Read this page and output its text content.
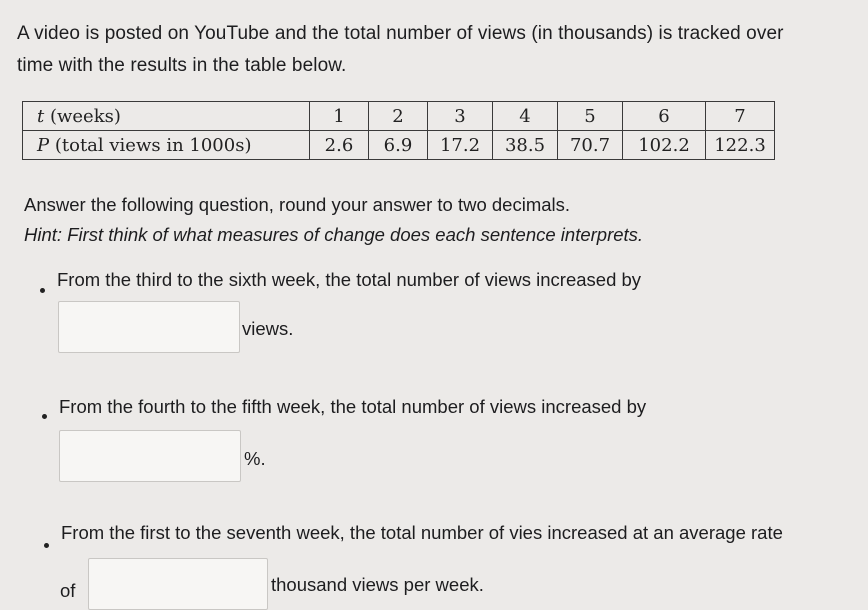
A video is posted on YouTube and the total number of views (in thousands) is tracked over
time with the results in the table below.
t (weeks)	1	2	3	4	5	6	7
P (total views in 1000s)	2.6	6.9	17.2	38.5	70.7	102.2	122.3
Answer the following question, round your answer to two decimals.
Hint: First think of what measures of change does each sentence interprets.
From the third to the sixth week, the total number of views increased by
views.
From the fourth to the fifth week, the total number of views increased by
%.
From the first to the seventh week, the total number of vies increased at an average rate
of	thousand views per week.
